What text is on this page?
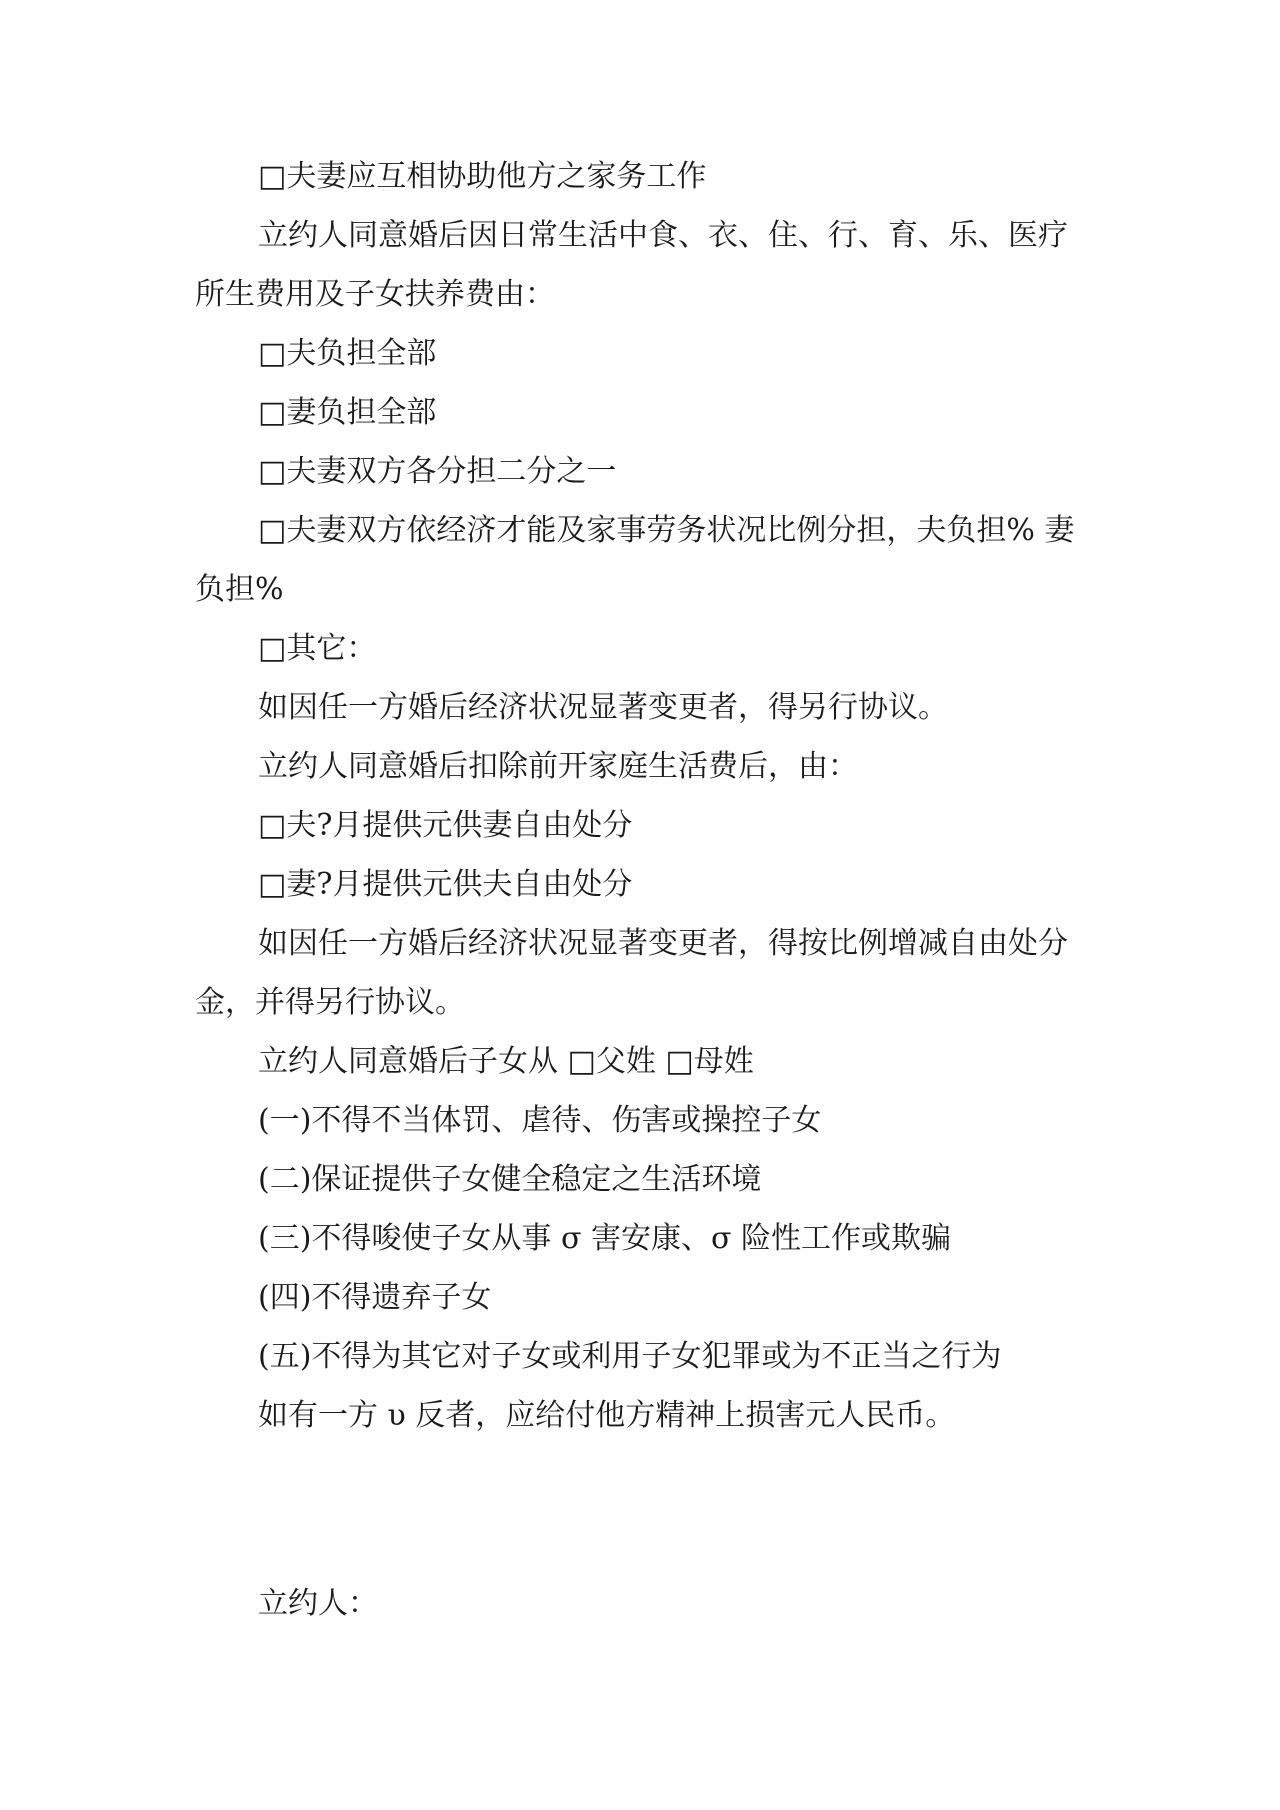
□夫妻应互相协助他方之家务工作
立约人同意婚后因日常生活中食、衣、住、行、育、乐、医疗
所生费用及子女扶养费由：
□夫负担全部
□妻负担全部
□夫妻双方各分担二分之一
□夫妻双方依经济才能及家事劳务状况比例分担，夫负担% 妻
负担%
□其它：
如因任一方婚后经济状况显著变更者，得另行协议。
立约人同意婚后扣除前开家庭生活费后，由：
□夫?月提供元供妻自由处分
□妻?月提供元供夫自由处分
如因任一方婚后经济状况显著变更者，得按比例增减自由处分
金，并得另行协议。
立约人同意婚后子女从 □父姓 □母姓
(一)不得不当体罚、虐待、伤害或操控子女
(二)保证提供子女健全稳定之生活环境
(三)不得唆使子女从事 σ 害安康、σ 险性工作或欺骗
(四)不得遗弃子女
(五)不得为其它对子女或利用子女犯罪或为不正当之行为
如有一方 υ 反者，应给付他方精神上损害元人民币。
立约人：
